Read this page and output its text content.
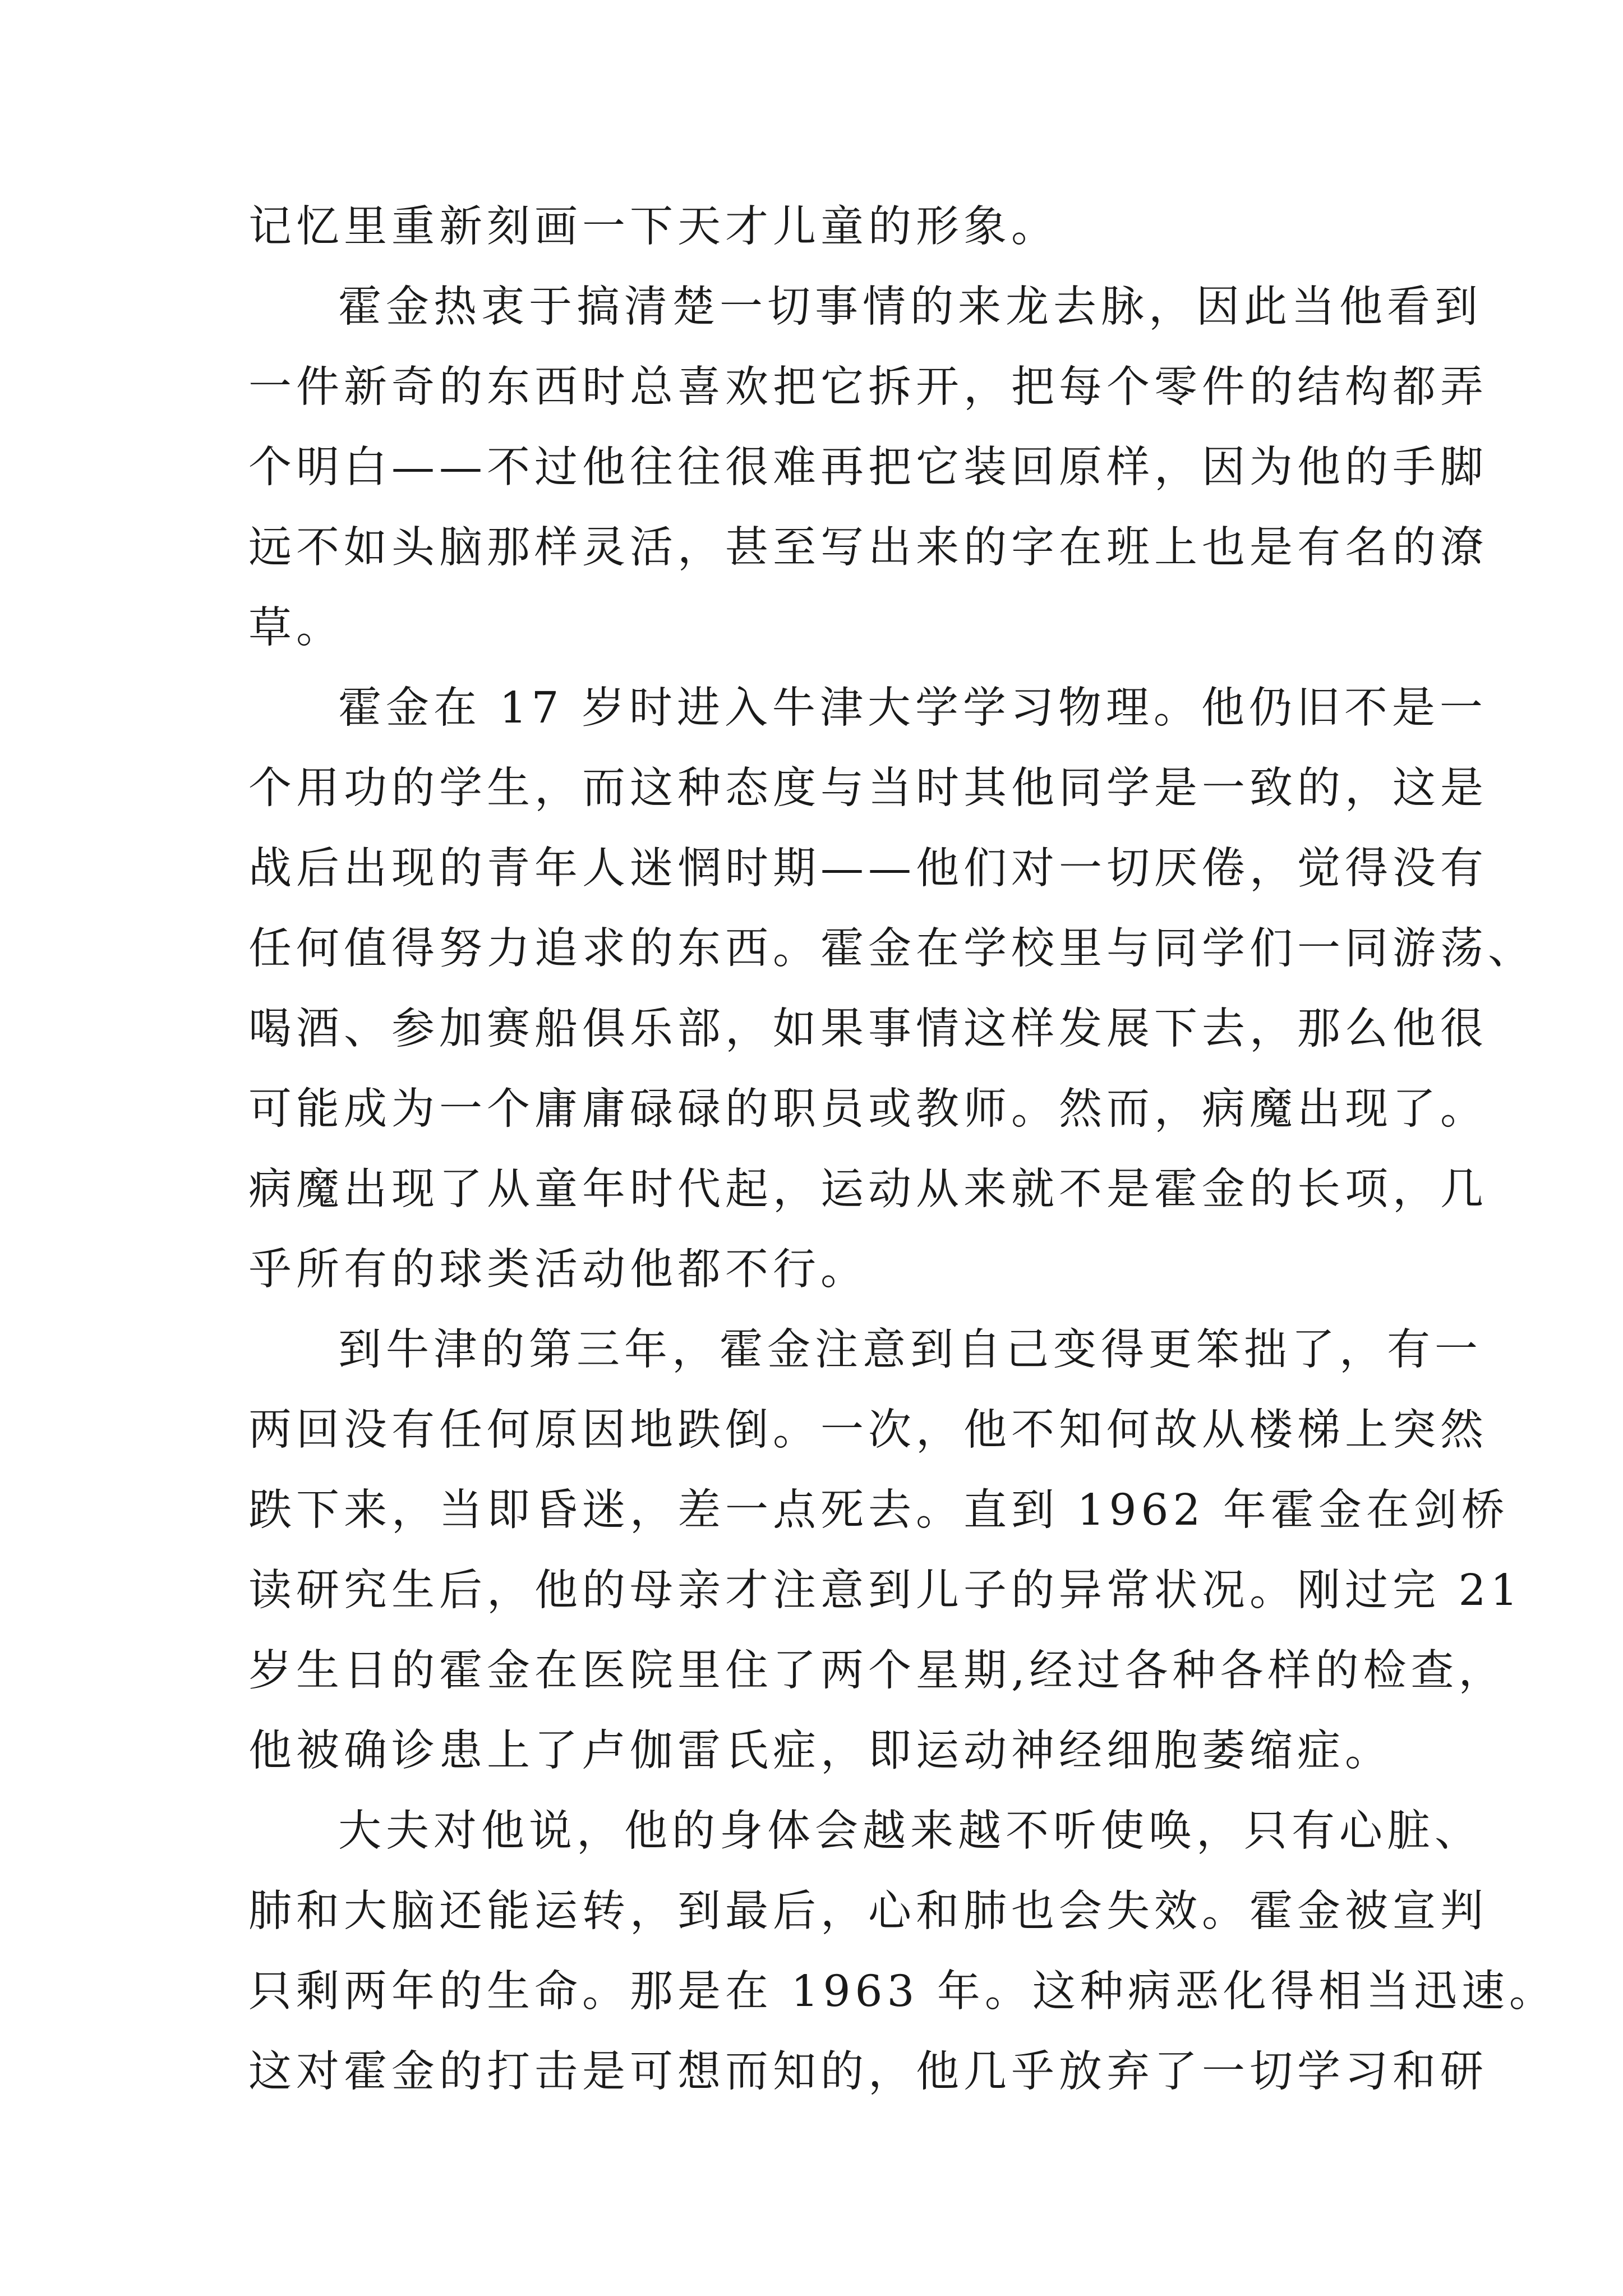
记忆里重新刻画一下天才儿童的形象。
霍金热衷于搞清楚一切事情的来龙去脉，因此当他看到
一件新奇的东西时总喜欢把它拆开，把每个零件的结构都弄
个明白——不过他往往很难再把它装回原样，因为他的手脚
远不如头脑那样灵活，甚至写出来的字在班上也是有名的潦
草。
霍金在 17 岁时进入牛津大学学习物理。他仍旧不是一
个用功的学生，而这种态度与当时其他同学是一致的，这是
战后出现的青年人迷惘时期——他们对一切厌倦，觉得没有
任何值得努力追求的东西。霍金在学校里与同学们一同游荡、
喝酒、参加赛船俱乐部，如果事情这样发展下去，那么他很
可能成为一个庸庸碌碌的职员或教师。然而，病魔出现了。
病魔出现了从童年时代起，运动从来就不是霍金的长项，几
乎所有的球类活动他都不行。
到牛津的第三年，霍金注意到自己变得更笨拙了，有一
两回没有任何原因地跌倒。一次，他不知何故从楼梯上突然
跌下来，当即昏迷，差一点死去。直到 1962 年霍金在剑桥
读研究生后，他的母亲才注意到儿子的异常状况。刚过完 21
岁生日的霍金在医院里住了两个星期,经过各种各样的检查，
他被确诊患上了卢伽雷氏症，即运动神经细胞萎缩症。
大夫对他说，他的身体会越来越不听使唤，只有心脏、
肺和大脑还能运转，到最后，心和肺也会失效。霍金被宣判
只剩两年的生命。那是在 1963 年。这种病恶化得相当迅速。
这对霍金的打击是可想而知的，他几乎放弃了一切学习和研
